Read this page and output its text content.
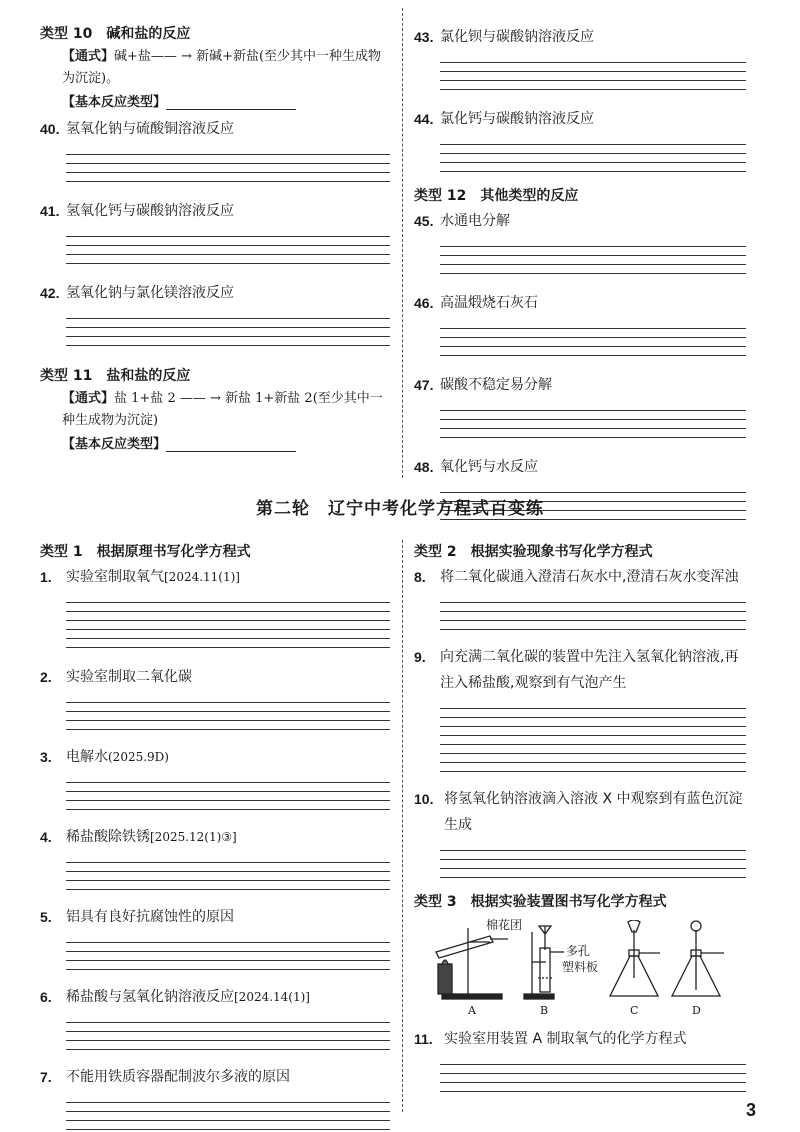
类型 10　碱和盐的反应
【通式】碱+盐—— → 新碱+新盐(至少其中一种生成物为沉淀)。
【基本反应类型】
40. 氢氧化钠与硫酸铜溶液反应
41. 氢氧化钙与碳酸钠溶液反应
42. 氢氧化钠与氯化镁溶液反应
类型 11　盐和盐的反应
【通式】盐 1+盐 2 —— → 新盐 1+新盐 2(至少其中一种生成物为沉淀)
【基本反应类型】
43. 氯化钡与碳酸钠溶液反应
44. 氯化钙与碳酸钠溶液反应
类型 12　其他类型的反应
45. 水通电分解
46. 高温煅烧石灰石
47. 碳酸不稳定易分解
48. 氧化钙与水反应
第二轮　辽宁中考化学方程式百变练
类型 1　根据原理书写化学方程式
1.	实验室制取氧气[2024.11(1)]
2.	实验室制取二氧化碳
3.	电解水(2025.9D)
4.	稀盐酸除铁锈[2025.12(1)③]
5.	铝具有良好抗腐蚀性的原因
6.	稀盐酸与氢氧化钠溶液反应[2024.14(1)]
7.	不能用铁质容器配制波尔多液的原因
类型 2　根据实验现象书写化学方程式
8.	将二氧化碳通入澄清石灰水中,澄清石灰水变浑浊
9.	向充满二氧化碳的装置中先注入氢氧化钠溶液,再注入稀盐酸,观察到有气泡产生
10. 将氢氧化钠溶液滴入溶液 X 中观察到有蓝色沉淀生成
类型 3　根据实验装置图书写化学方程式
棉花团
多孔
塑料板
A	B	C	D
11. 实验室用装置 A 制取氧气的化学方程式
3
